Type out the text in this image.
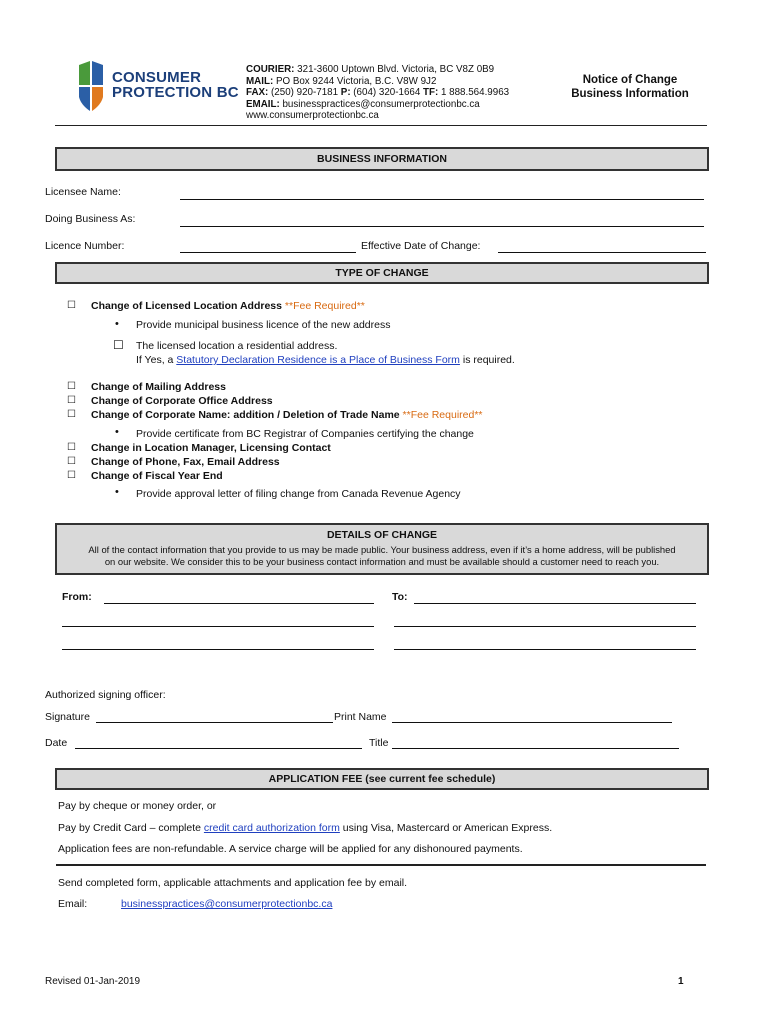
CONSUMER
PROTECTION BC
COURIER: 321-3600 Uptown Blvd. Victoria, BC V8Z 0B9
MAIL: PO Box 9244 Victoria, B.C. V8W 9J2
FAX: (250) 920-7181 P: (604) 320-1664 TF: 1 888.564.9963
EMAIL: businesspractices@consumerprotectionbc.ca
www.consumerprotectionbc.ca
Notice of Change
Business Information
BUSINESS INFORMATION
Licensee Name:
Doing Business As:
Licence Number:	Effective Date of Change:
TYPE OF CHANGE
☐ Change of Licensed Location Address **Fee Required**
• Provide municipal business licence of the new address
☐ The licensed location a residential address.
If Yes, a Statutory Declaration Residence is a Place of Business Form is required.
☐ Change of Mailing Address
☐ Change of Corporate Office Address
☐ Change of Corporate Name: addition / Deletion of Trade Name **Fee Required**
• Provide certificate from BC Registrar of Companies certifying the change
☐ Change in Location Manager, Licensing Contact
☐ Change of Phone, Fax, Email Address
☐ Change of Fiscal Year End
• Provide approval letter of filing change from Canada Revenue Agency
DETAILS OF CHANGE
All of the contact information that you provide to us may be made public. Your business address, even if it’s a home address, will be published
on our website. We consider this to be your business contact information and must be available should a customer need to reach you.
From:	To:
Authorized signing officer:
Signature	Print Name
Date	Title
APPLICATION FEE (see current fee schedule)
Pay by cheque or money order, or
Pay by Credit Card – complete credit card authorization form using Visa, Mastercard or American Express.
Application fees are non-refundable. A service charge will be applied for any dishonoured payments.
Send completed form, applicable attachments and application fee by email.
Email:	businesspractices@consumerprotectionbc.ca
Revised 01-Jan-2019	1
